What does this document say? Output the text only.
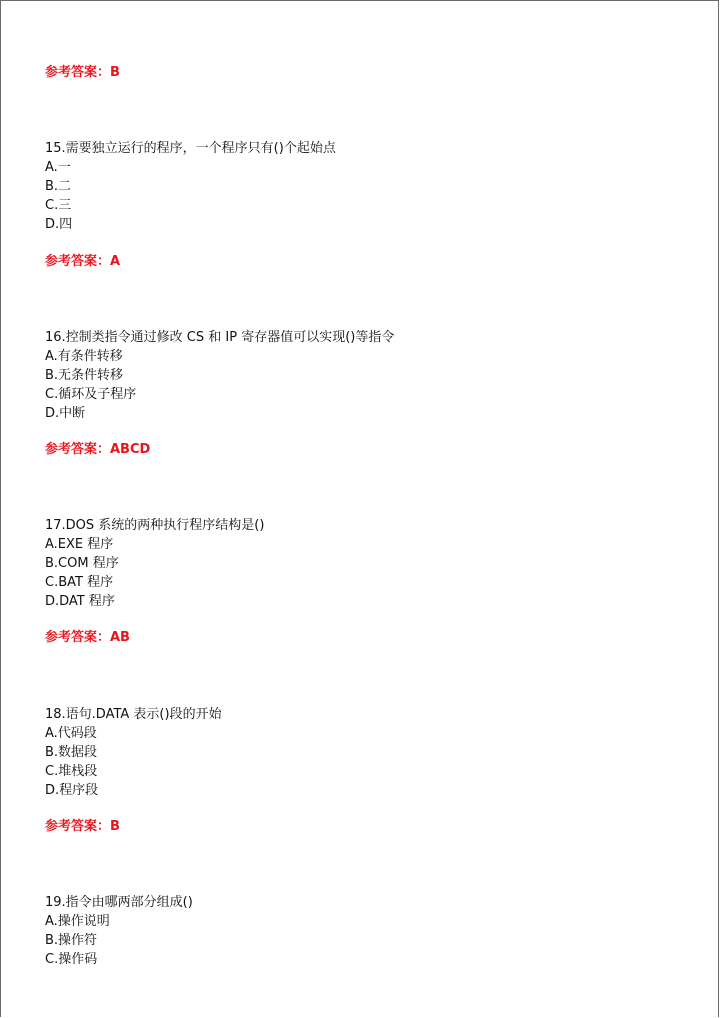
参考答案：B
15.需要独立运行的程序，一个程序只有()个起始点
A.一
B.二
C.三
D.四
参考答案：A
16.控制类指令通过修改 CS 和 IP 寄存器值可以实现()等指令
A.有条件转移
B.无条件转移
C.循环及子程序
D.中断
参考答案：ABCD
17.DOS 系统的两种执行程序结构是()
A.EXE 程序
B.COM 程序
C.BAT 程序
D.DAT 程序
参考答案：AB
18.语句.DATA 表示()段的开始
A.代码段
B.数据段
C.堆栈段
D.程序段
参考答案：B
19.指令由哪两部分组成()
A.操作说明
B.操作符
C.操作码
